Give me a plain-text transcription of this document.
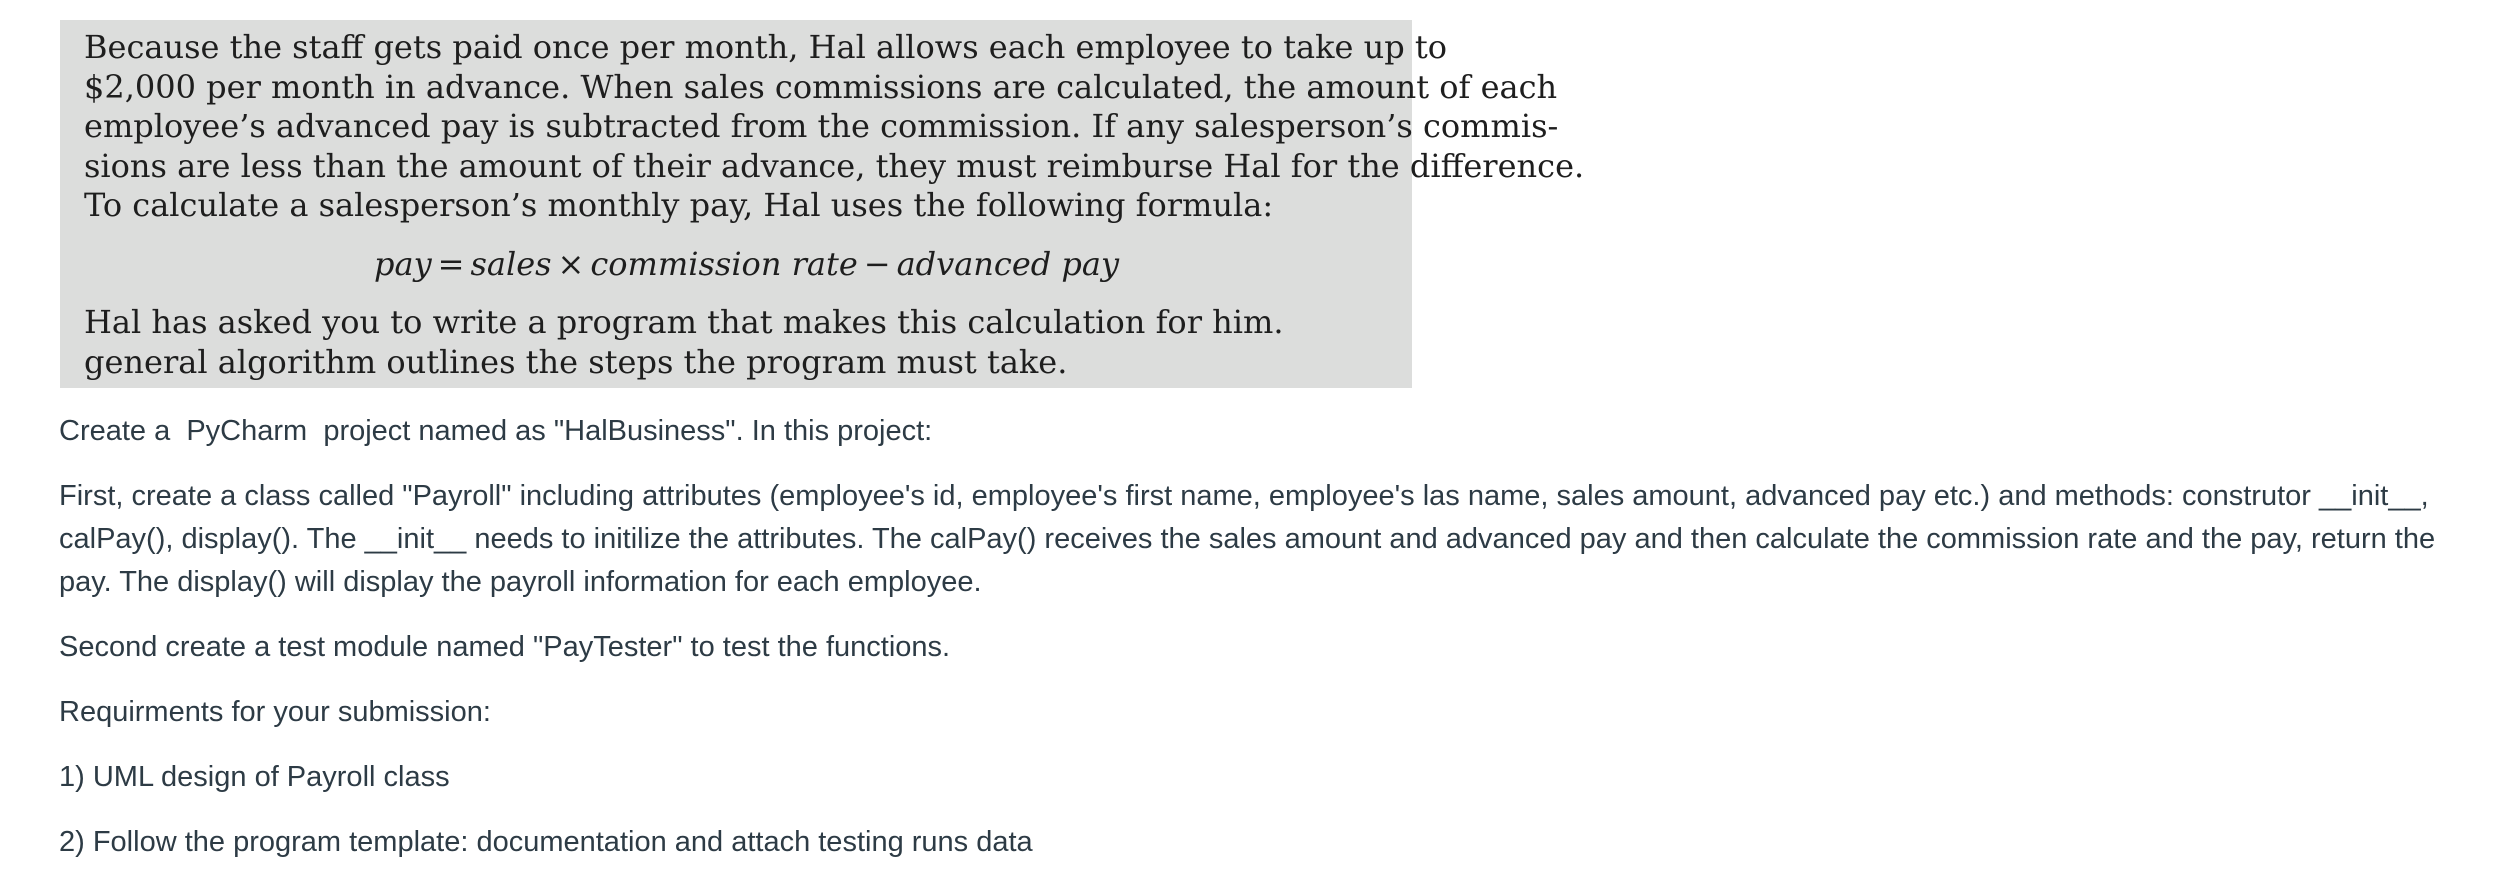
Because the staff gets paid once per month, Hal allows each employee to take up to
$2,000 per month in advance. When sales commissions are calculated, the amount of each
employee’s advanced pay is subtracted from the commission. If any salesperson’s commis-
sions are less than the amount of their advance, they must reimburse Hal for the difference.
To calculate a salesperson’s monthly pay, Hal uses the following formula:

pay = sales × commission rate − advanced pay

Hal has asked you to write a program that makes this calculation for him.
general algorithm outlines the steps the program must take.

Create a  PyCharm  project named as "HalBusiness". In this project:

First, create a class called "Payroll" including attributes (employee's id, employee's first name, employee's las name, sales amount, advanced pay etc.) and methods: construtor __init__, calPay(), display(). The __init__ needs to initilize the attributes. The calPay() receives the sales amount and advanced pay and then calculate the commission rate and the pay, return the pay. The display() will display the payroll information for each employee.

Second create a test module named "PayTester" to test the functions.

Requirments for your submission:

1) UML design of Payroll class

2) Follow the program template: documentation and attach testing runs data
